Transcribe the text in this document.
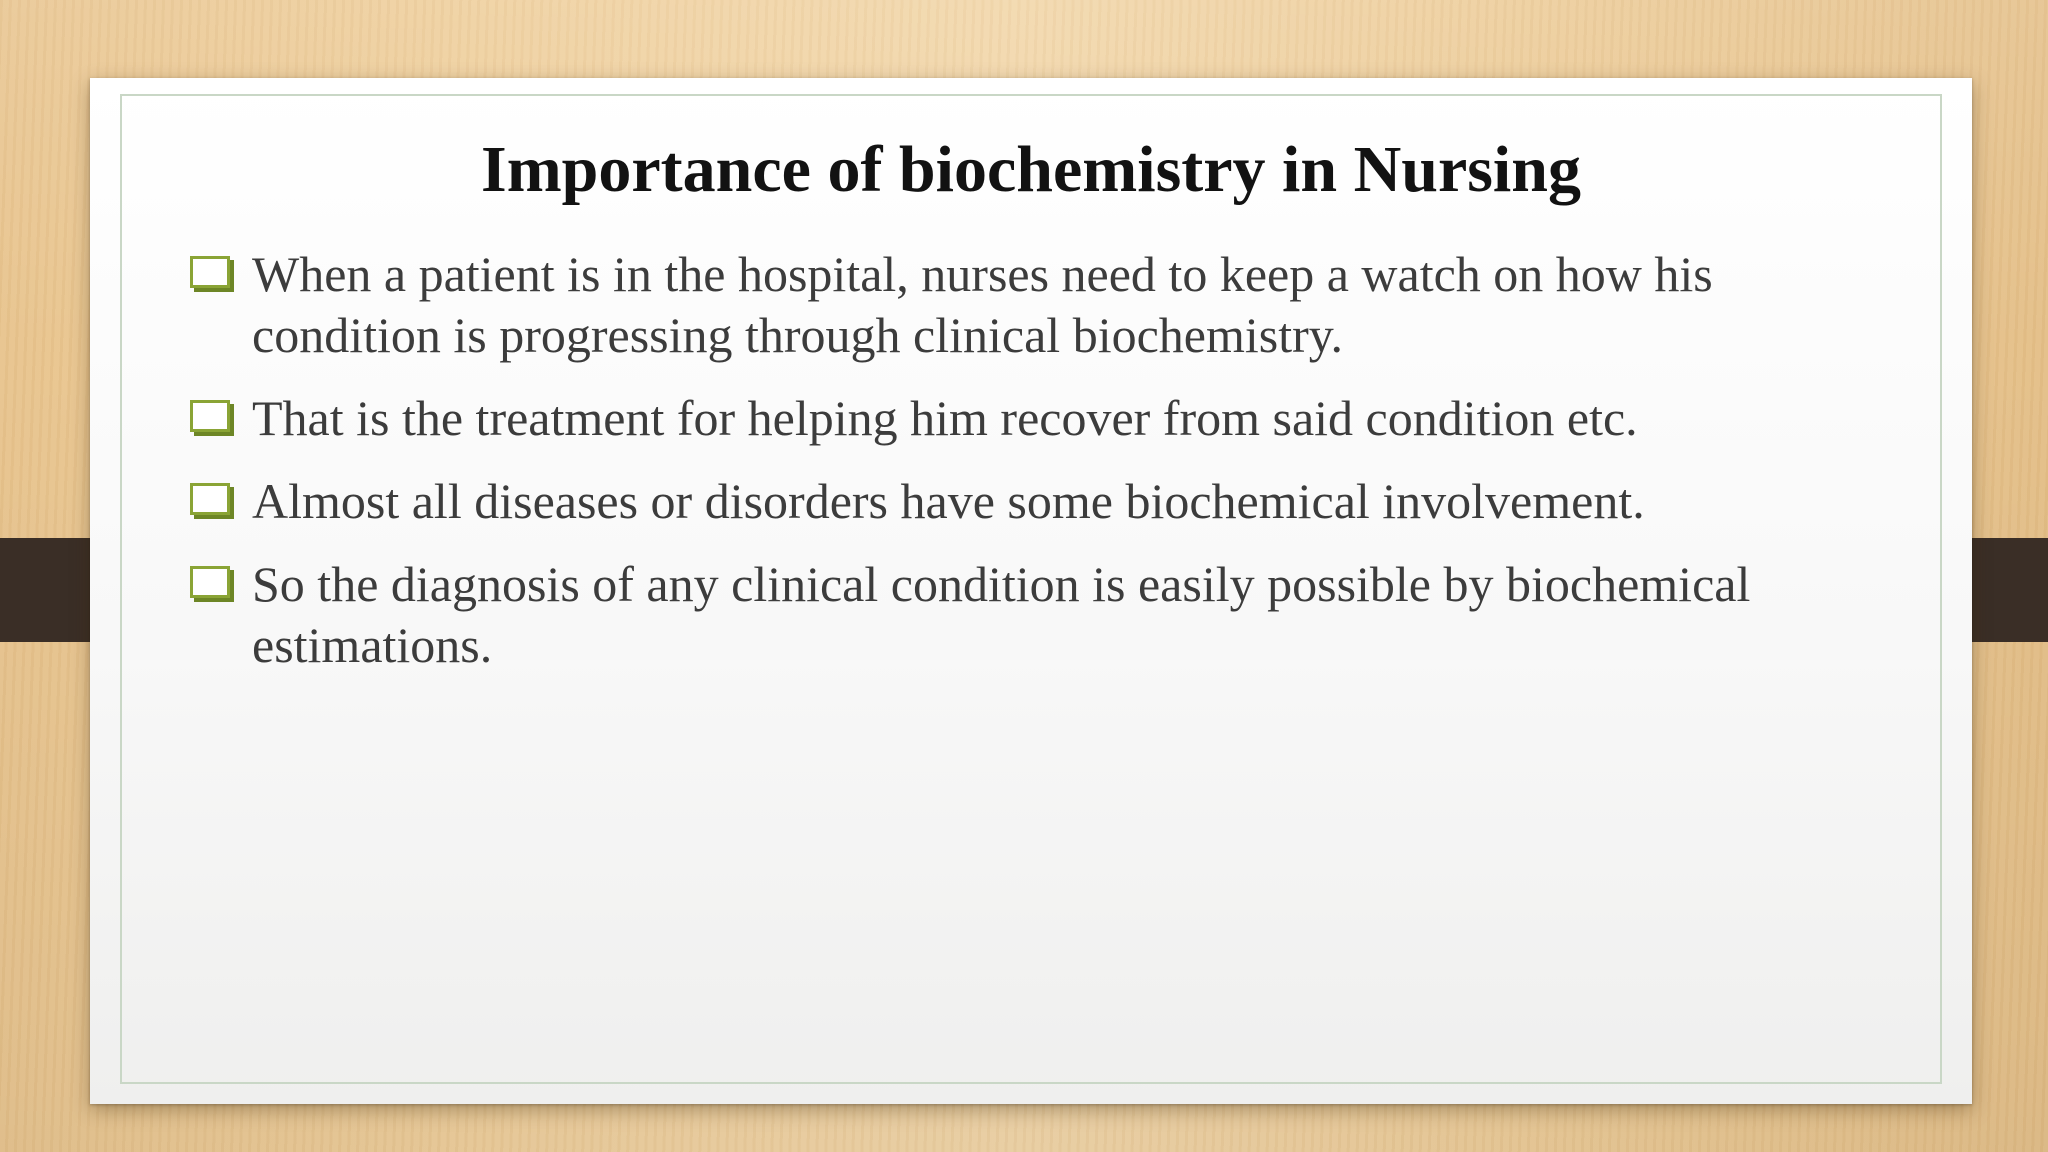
Importance of biochemistry in Nursing
When a patient is in the hospital, nurses need to keep a watch on how his condition is progressing through clinical biochemistry.
That is the treatment for helping him recover from said condition etc.
Almost all diseases or disorders have some biochemical involvement.
So the diagnosis of any clinical condition is easily possible by biochemical estimations.
